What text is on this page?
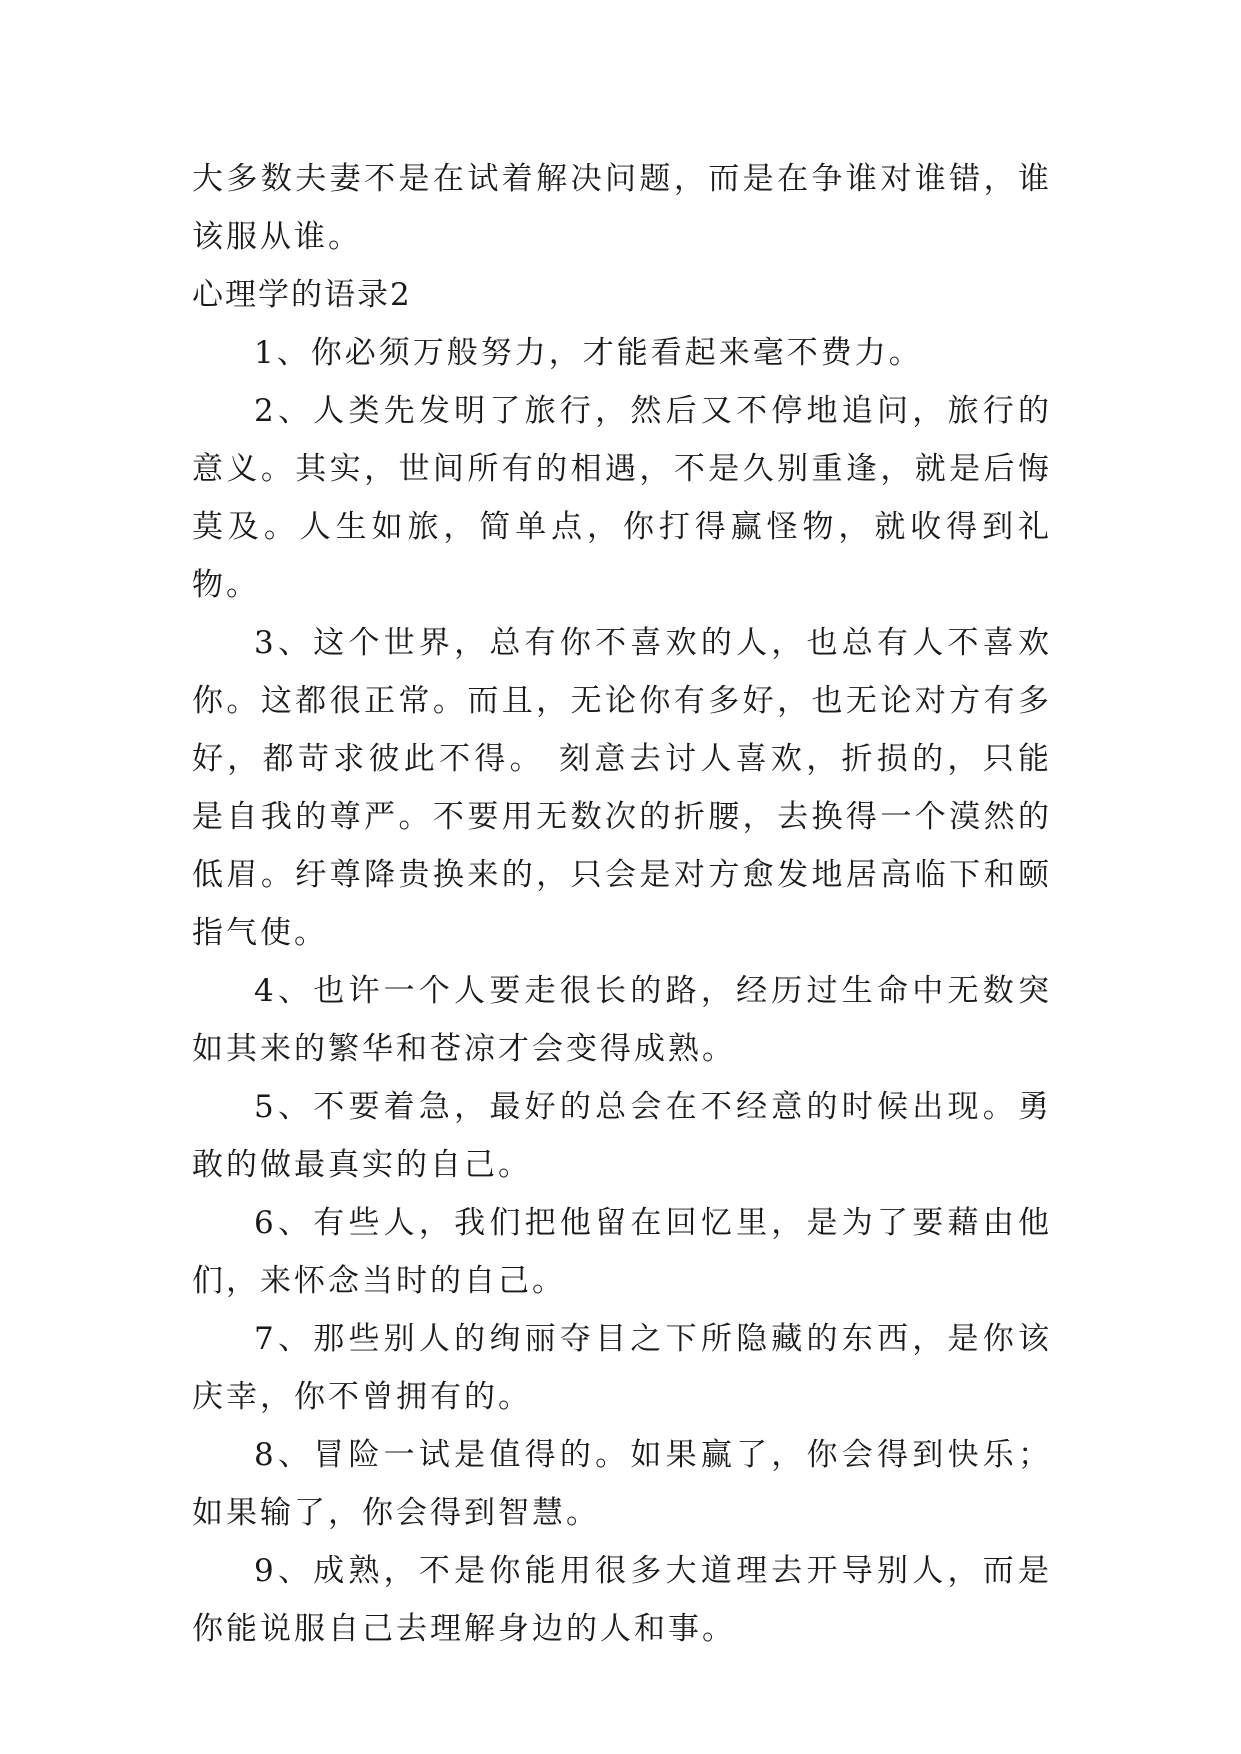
大多数夫妻不是在试着解决问题，而是在争谁对谁错，谁该服从谁。

心理学的语录2

1、你必须万般努力，才能看起来毫不费力。

2、人类先发明了旅行，然后又不停地追问，旅行的意义。其实，世间所有的相遇，不是久别重逢，就是后悔莫及。人生如旅，简单点，你打得赢怪物，就收得到礼物。

3、这个世界，总有你不喜欢的人，也总有人不喜欢你。这都很正常。而且，无论你有多好，也无论对方有多好，都苛求彼此不得。 刻意去讨人喜欢，折损的，只能是自我的尊严。不要用无数次的折腰，去换得一个漠然的低眉。纡尊降贵换来的，只会是对方愈发地居高临下和颐指气使。

4、也许一个人要走很长的路，经历过生命中无数突如其来的繁华和苍凉才会变得成熟。

5、不要着急，最好的总会在不经意的时候出现。勇敢的做最真实的自己。

6、有些人，我们把他留在回忆里，是为了要藉由他们，来怀念当时的自己。

7、那些别人的绚丽夺目之下所隐藏的东西，是你该庆幸，你不曾拥有的。

8、冒险一试是值得的。如果赢了，你会得到快乐；如果输了，你会得到智慧。

9、成熟，不是你能用很多大道理去开导别人，而是你能说服自己去理解身边的人和事。
